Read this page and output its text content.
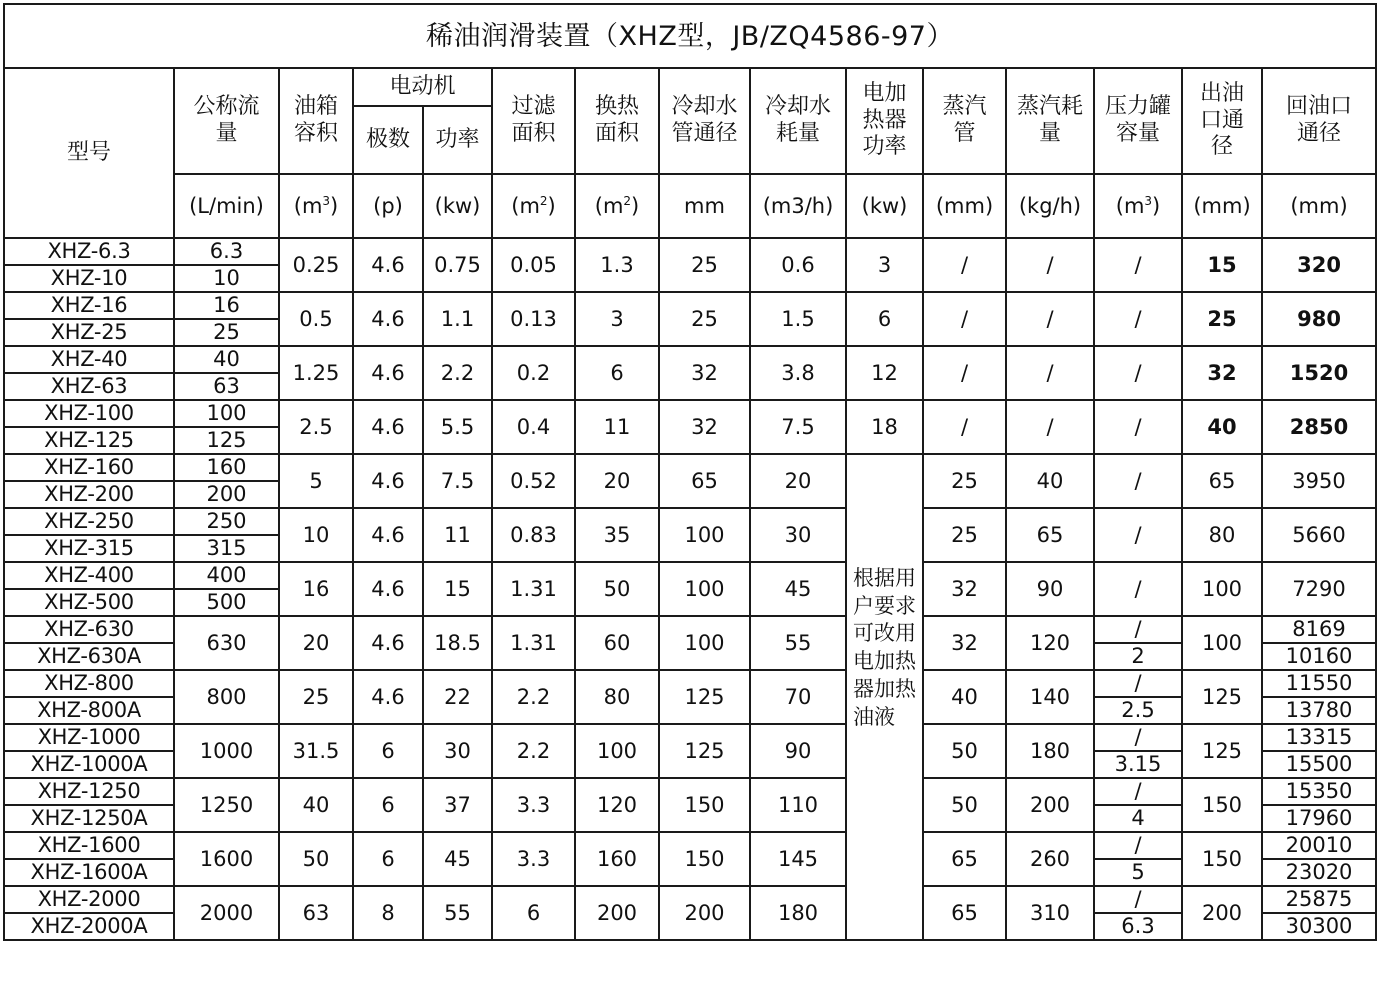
稀油润滑装置（XHZ型，JB/ZQ4586-97）														
型号	公称流量	油箱容积	电动机		过滤面积	换热面积	冷却水管通径	冷却水耗量	电加热器功率	蒸汽管	蒸汽耗量	压力罐容量	出油口通径	回油口通径
			极数	功率										
	(L/min)	$(m^3)$	(p)	(kw)	$(m^2)$	$(m^2)$	mm	(m3/h)	(kw)	(mm)	(kg/h)	$(m^3)$	(mm)	(mm)
XHZ-6.3	6.3	0.25	4.6	0.75	0.05	1.3	25	0.6	3	/	/	/	15	320
XHZ-10	10													
XHZ-16	16	0.5	4.6	1.1	0.13	3	25	1.5	6	/	/	/	25	980
XHZ-25	25													
XHZ-40	40	1.25	4.6	2.2	0.2	6	32	3.8	12	/	/	/	32	1520
XHZ-63	63													
XHZ-100	100	2.5	4.6	5.5	0.4	11	32	7.5	18	/	/	/	40	2850
XHZ-125	125													
XHZ-160	160	5	4.6	7.5	0.52	20	65	20	根据用户要求可改用电加热器加热油液	25	40	/	65	3950
XHZ-200	200													
XHZ-250	250	10	4.6	11	0.83	35	100	30		25	65	/	80	5660
XHZ-315	315													
XHZ-400	400	16	4.6	15	1.31	50	100	45		32	90	/	100	7290
XHZ-500	500													
XHZ-630	630	20	4.6	18.5	1.31	60	100	55		32	120	/	100	8169
XHZ-630A												2		10160
XHZ-800	800	25	4.6	22	2.2	80	125	70		40	140	/	125	11550
XHZ-800A												2.5		13780
XHZ-1000	1000	31.5	6	30	2.2	100	125	90		50	180	/	125	13315
XHZ-1000A												3.15		15500
XHZ-1250	1250	40	6	37	3.3	120	150	110		50	200	/	150	15350
XHZ-1250A												4		17960
XHZ-1600	1600	50	6	45	3.3	160	150	145		65	260	/	150	20010
XHZ-1600A												5		23020
XHZ-2000	2000	63	8	55	6	200	200	180		65	310	/	200	25875
XHZ-2000A												6.3		30300
